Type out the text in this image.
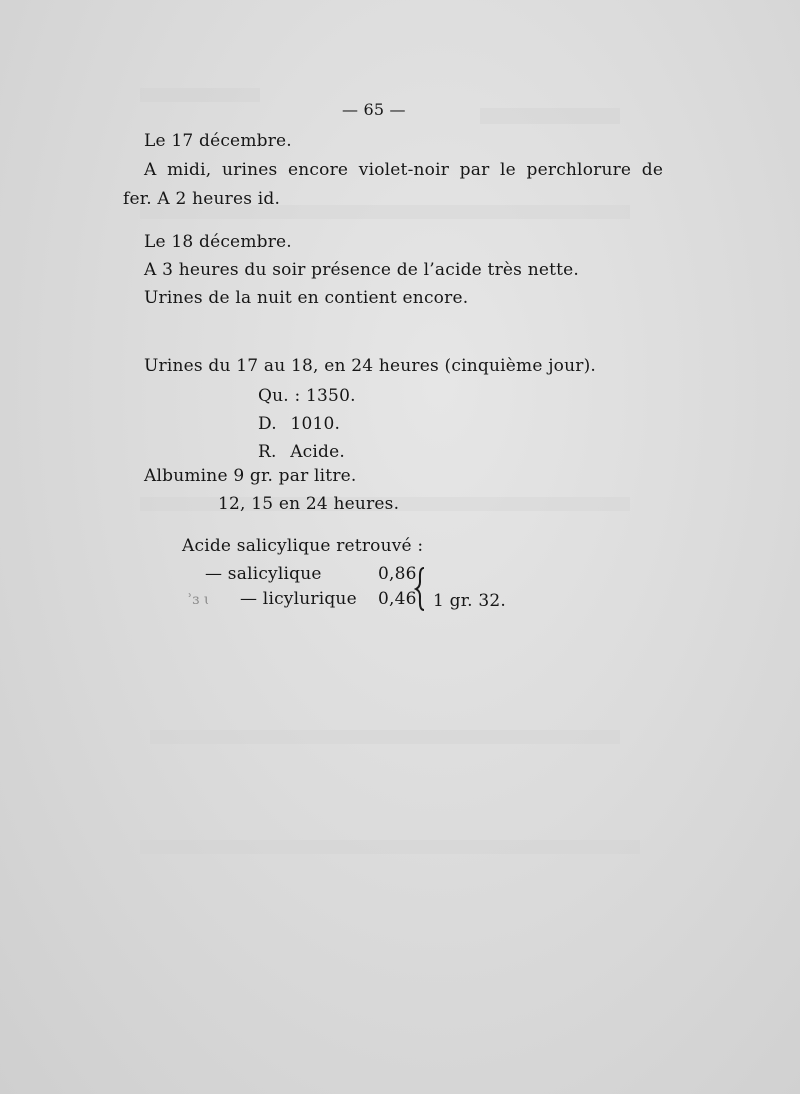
— 65 —
Le 17 décembre.
A midi, urines encore violet-noir par le perchlorure de
fer. A 2 heures id.
Le 18 décembre.
A 3 heures du soir présence de l’acide très nette.
Urines de la nuit en contient encore.
Urines du 17 au 18, en 24 heures (cinquième jour).
Qu. : 1350.
D. 1010.
R. Acide.
Albumine 9 gr. par litre.
12, 15 en 24 heures.
Acide salicylique retrouvé :
— salicylique	0,86
ʾɜ ɩ — licylurique 0,46 1 gr. 32.
